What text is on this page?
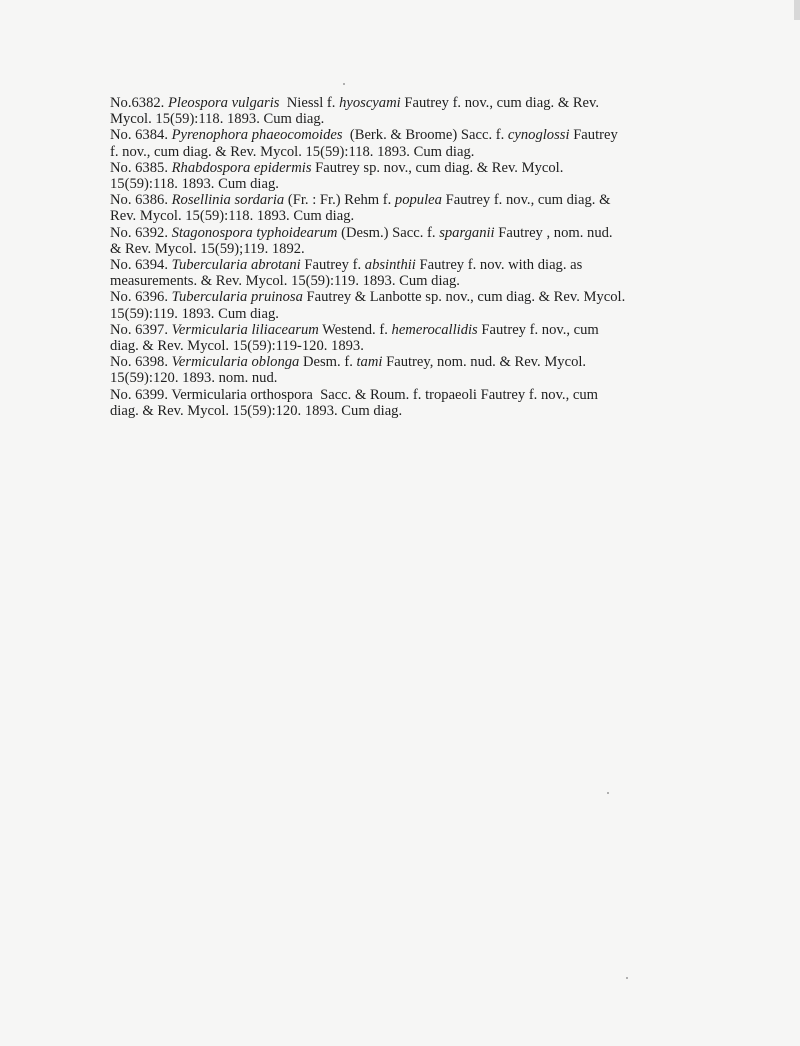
No.6382. Pleospora vulgaris Niessl f. hyoscyami Fautrey f. nov., cum diag. & Rev.
Mycol. 15(59):118. 1893. Cum diag.
No. 6384. Pyrenophora phaeocomoides (Berk. & Broome) Sacc. f. cynoglossi Fautrey
f. nov., cum diag. & Rev. Mycol. 15(59):118. 1893. Cum diag.
No. 6385. Rhabdospora epidermis Fautrey sp. nov., cum diag. & Rev. Mycol.
15(59):118. 1893. Cum diag.
No. 6386. Rosellinia sordaria (Fr. : Fr.) Rehm f. populea Fautrey f. nov., cum diag. &
Rev. Mycol. 15(59):118. 1893. Cum diag.
No. 6392. Stagonospora typhoidearum (Desm.) Sacc. f. sparganii Fautrey , nom. nud.
& Rev. Mycol. 15(59);119. 1892.
No. 6394. Tubercularia abrotani Fautrey f. absinthii Fautrey f. nov. with diag. as
measurements. & Rev. Mycol. 15(59):119. 1893. Cum diag.
No. 6396. Tubercularia pruinosa Fautrey & Lanbotte sp. nov., cum diag. & Rev. Mycol.
15(59):119. 1893. Cum diag.
No. 6397. Vermicularia liliacearum Westend. f. hemerocallidis Fautrey f. nov., cum
diag. & Rev. Mycol. 15(59):119-120. 1893.
No. 6398. Vermicularia oblonga Desm. f. tami Fautrey, nom. nud. & Rev. Mycol.
15(59):120. 1893. nom. nud.
No. 6399. Vermicularia orthospora  Sacc. & Roum. f. tropaeoli Fautrey f. nov., cum
diag. & Rev. Mycol. 15(59):120. 1893. Cum diag.
